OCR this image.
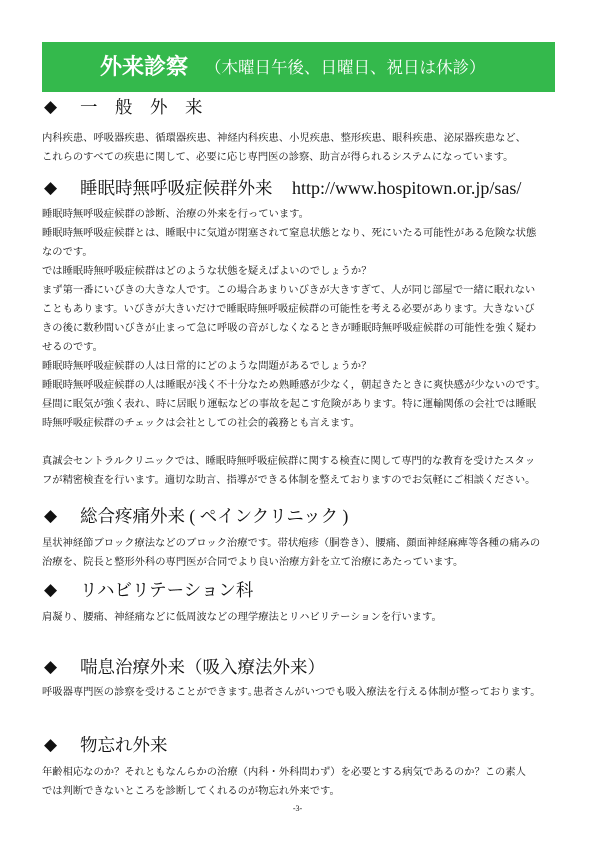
外来診察 （木曜日午後、日曜日、祝日は休診）
◆ 一　般　外　来
内科疾患、呼吸器疾患、循環器疾患、神経内科疾患、小児疾患、整形疾患、眼科疾患、泌尿器疾患など、
これらのすべての疾患に関して、必要に応じ専門医の診察、助言が得られるシステムになっています。
◆ 睡眠時無呼吸症候群外来 http://www.hospitown.or.jp/sas/
睡眠時無呼吸症候群の診断、治療の外来を行っています。
睡眠時無呼吸症候群とは、睡眠中に気道が閉塞されて窒息状態となり、死にいたる可能性がある危険な状態
なのです。
では睡眠時無呼吸症候群はどのような状態を疑えばよいのでしょうか？
まず第一番にいびきの大きな人です。この場合あまりいびきが大きすぎて、人が同じ部屋で一緒に眠れない
こともあります。いびきが大きいだけで睡眠時無呼吸症候群の可能性を考える必要があります。大きないび
きの後に数秒間いびきが止まって急に呼吸の音がしなくなるときが睡眠時無呼吸症候群の可能性を強く疑わ
せるのです。
睡眠時無呼吸症候群の人は日常的にどのような問題があるでしょうか？
睡眠時無呼吸症候群の人は睡眠が浅く不十分なため熟睡感が少なく，朝起きたときに爽快感が少ないのです。
昼間に眠気が強く表れ、時に居眠り運転などの事故を起こす危険があります。特に運輸関係の会社では睡眠
時無呼吸症候群のチェックは会社としての社会的義務とも言えます。
真誠会セントラルクリニックでは、睡眠時無呼吸症候群に関する検査に関して専門的な教育を受けたスタッ
フが精密検査を行います。適切な助言、指導ができる体制を整えておりますのでお気軽にご相談ください。
◆ 総合疼痛外来 ( ペインクリニック )
星状神経節ブロック療法などのブロック治療です。帯状疱疹（胴巻き）、腰痛、顔面神経麻痺等各種の痛みの
治療を、院長と整形外科の専門医が合同でより良い治療方針を立て治療にあたっています。
◆ リハビリテーション科
肩凝り、腰痛、神経痛などに低周波などの理学療法とリハビリテーションを行います。
◆ 喘息治療外来（吸入療法外来）
呼吸器専門医の診察を受けることができます｡患者さんがいつでも吸入療法を行える体制が整っております。
◆ 物忘れ外来
年齢相応なのか？それともなんらかの治療（内科・外科問わず）を必要とする病気であるのか？この素人
では判断できないところを診断してくれるのが物忘れ外来です。
-3-
